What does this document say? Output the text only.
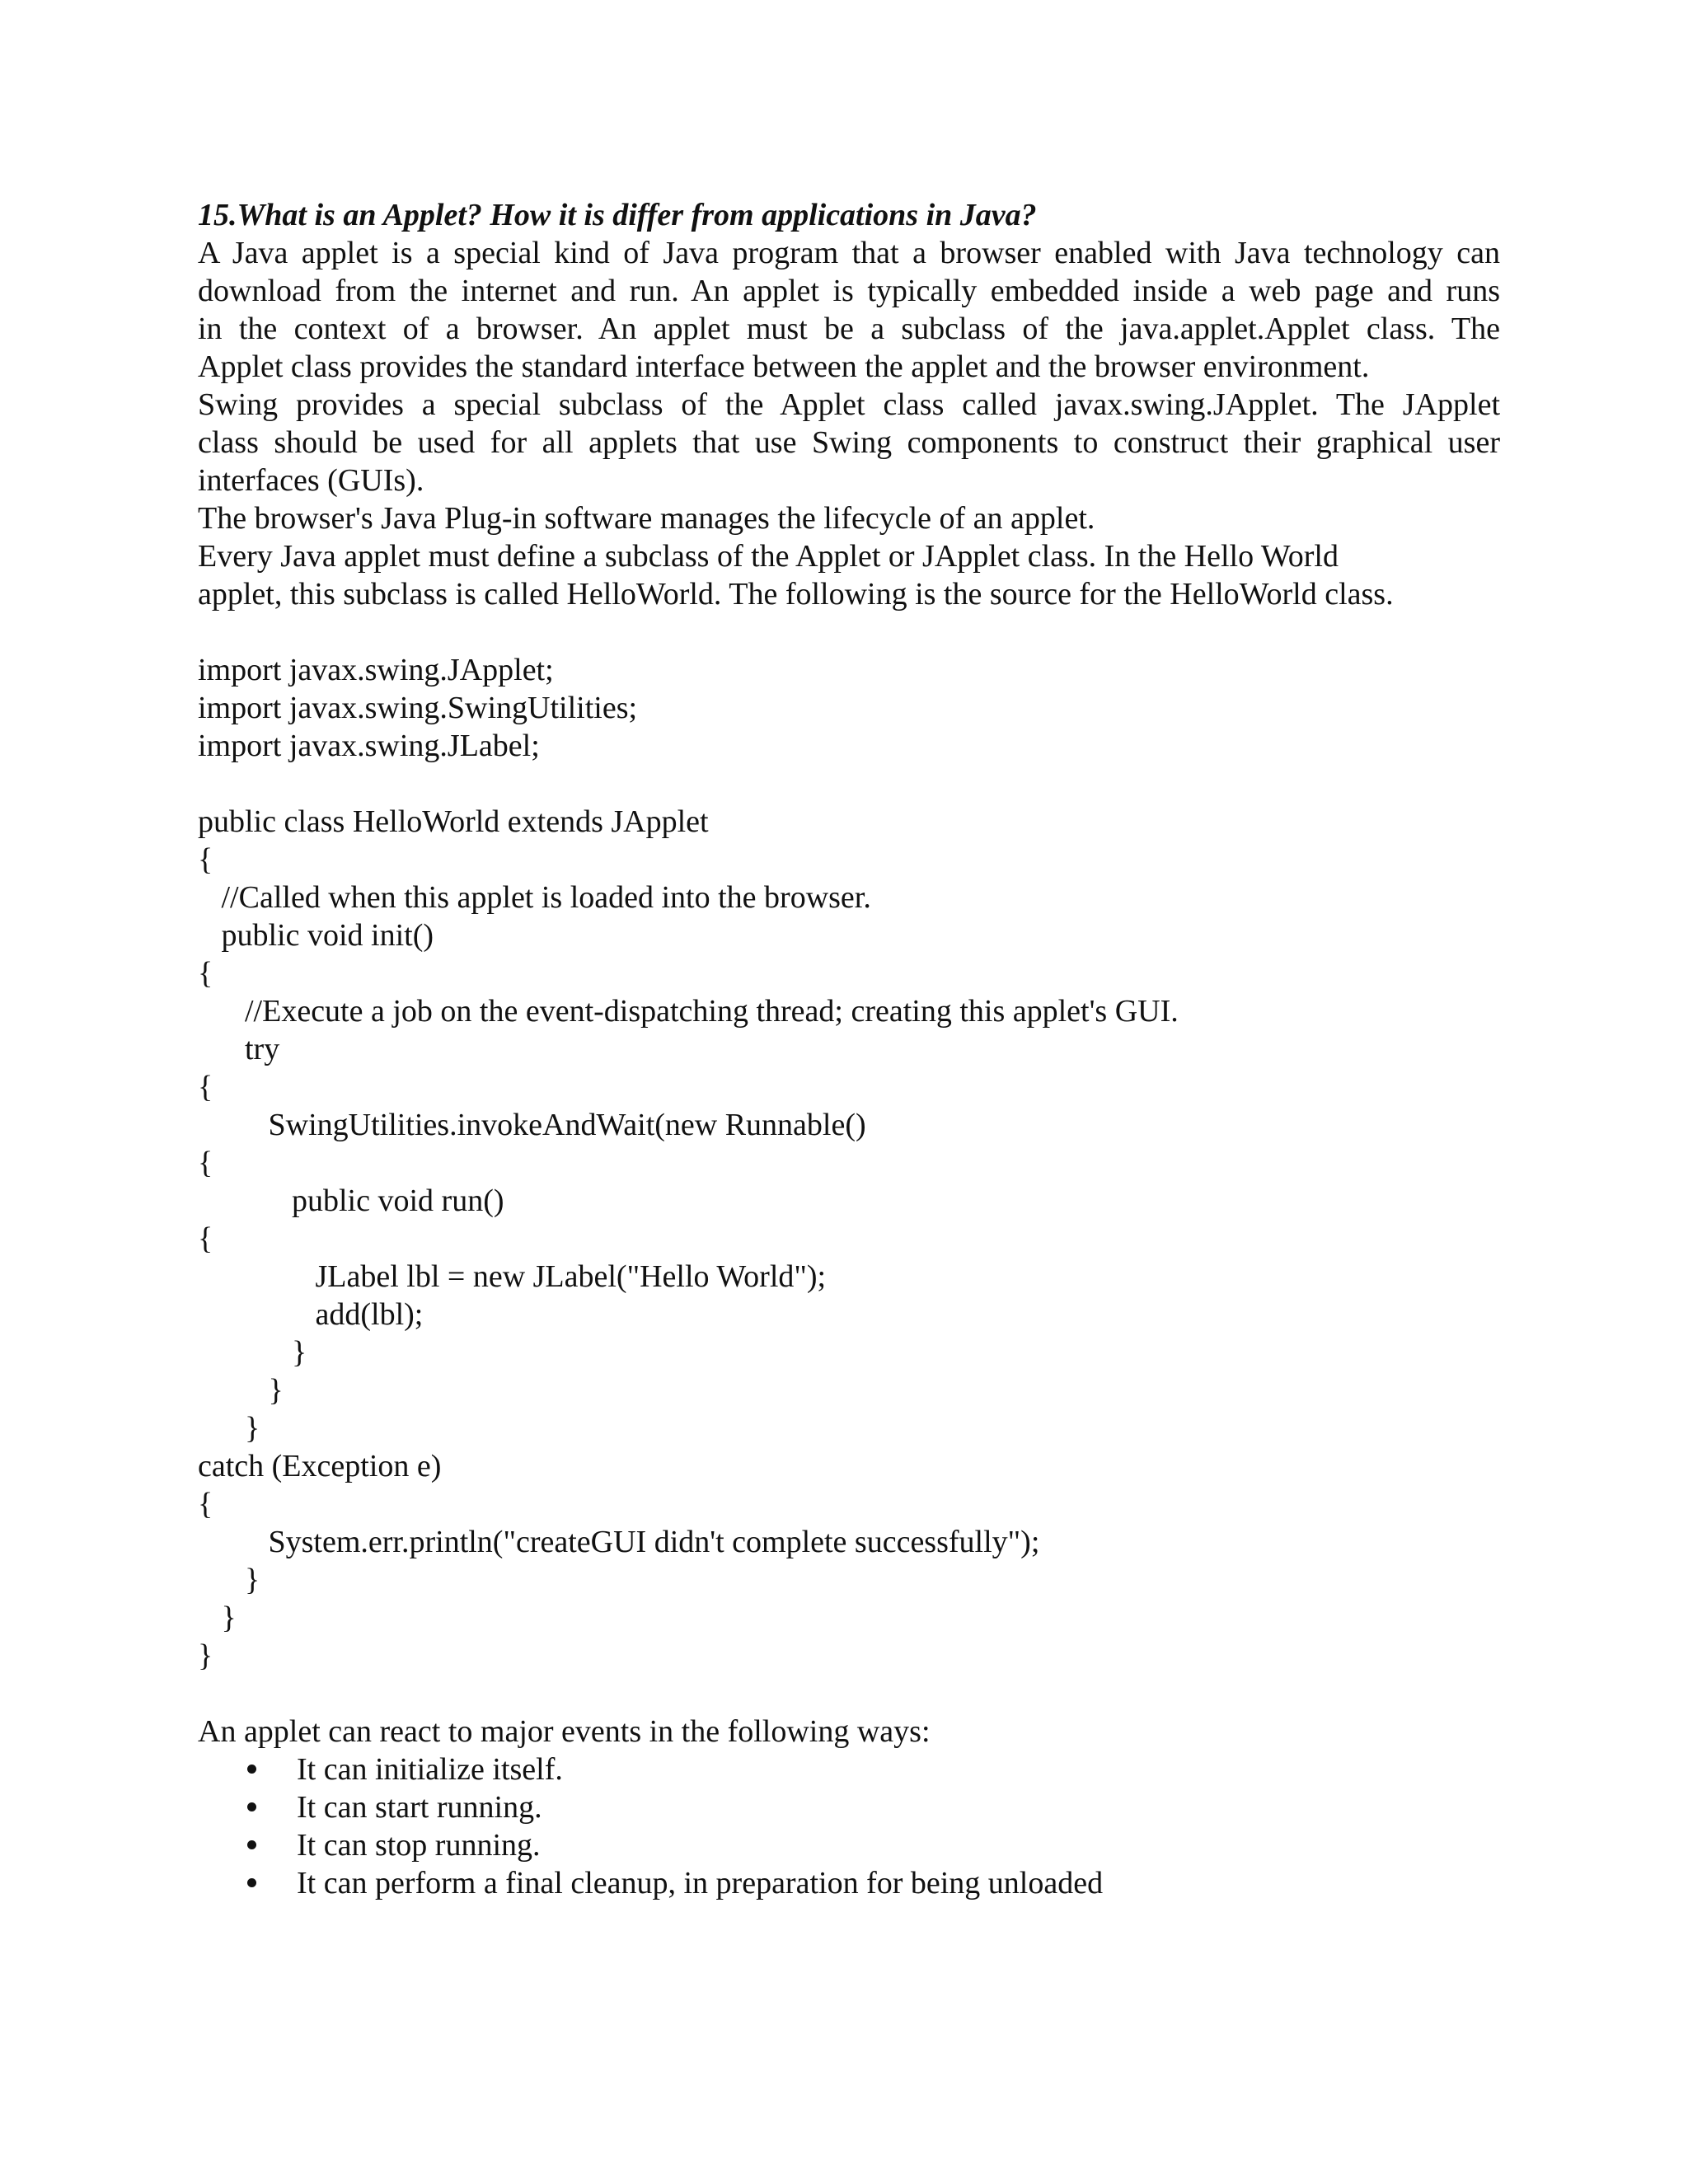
15.What is an Applet? How it is differ from applications in Java?

A Java applet is a special kind of Java program that a browser enabled with Java technology can

download from the internet and run. An applet is typically embedded inside a web page and runs

in the context of a browser. An applet must be a subclass of the java.applet.Applet class. The

Applet class provides the standard interface between the applet and the browser environment.

Swing provides a special subclass of the Applet class called javax.swing.JApplet. The JApplet

class should be used for all applets that use Swing components to construct their graphical user

interfaces (GUIs).

The browser's Java Plug-in software manages the lifecycle of an applet.

Every Java applet must define a subclass of the Applet or JApplet class. In the Hello World

applet, this subclass is called HelloWorld. The following is the source for the HelloWorld class.

import javax.swing.JApplet;

import javax.swing.SwingUtilities;

import javax.swing.JLabel;

public class HelloWorld extends JApplet

{

//Called when this applet is loaded into the browser.

public void init()

{

//Execute a job on the event-dispatching thread; creating this applet's GUI.

try

{

SwingUtilities.invokeAndWait(new Runnable()

{

public void run()

{

JLabel lbl = new JLabel("Hello World");

add(lbl);

}

}

}

catch (Exception e)

{

System.err.println("createGUI didn't complete successfully");

}

}

}

An applet can react to major events in the following ways:

It can initialize itself.
It can start running.
It can stop running.
It can perform a final cleanup, in preparation for being unloaded
